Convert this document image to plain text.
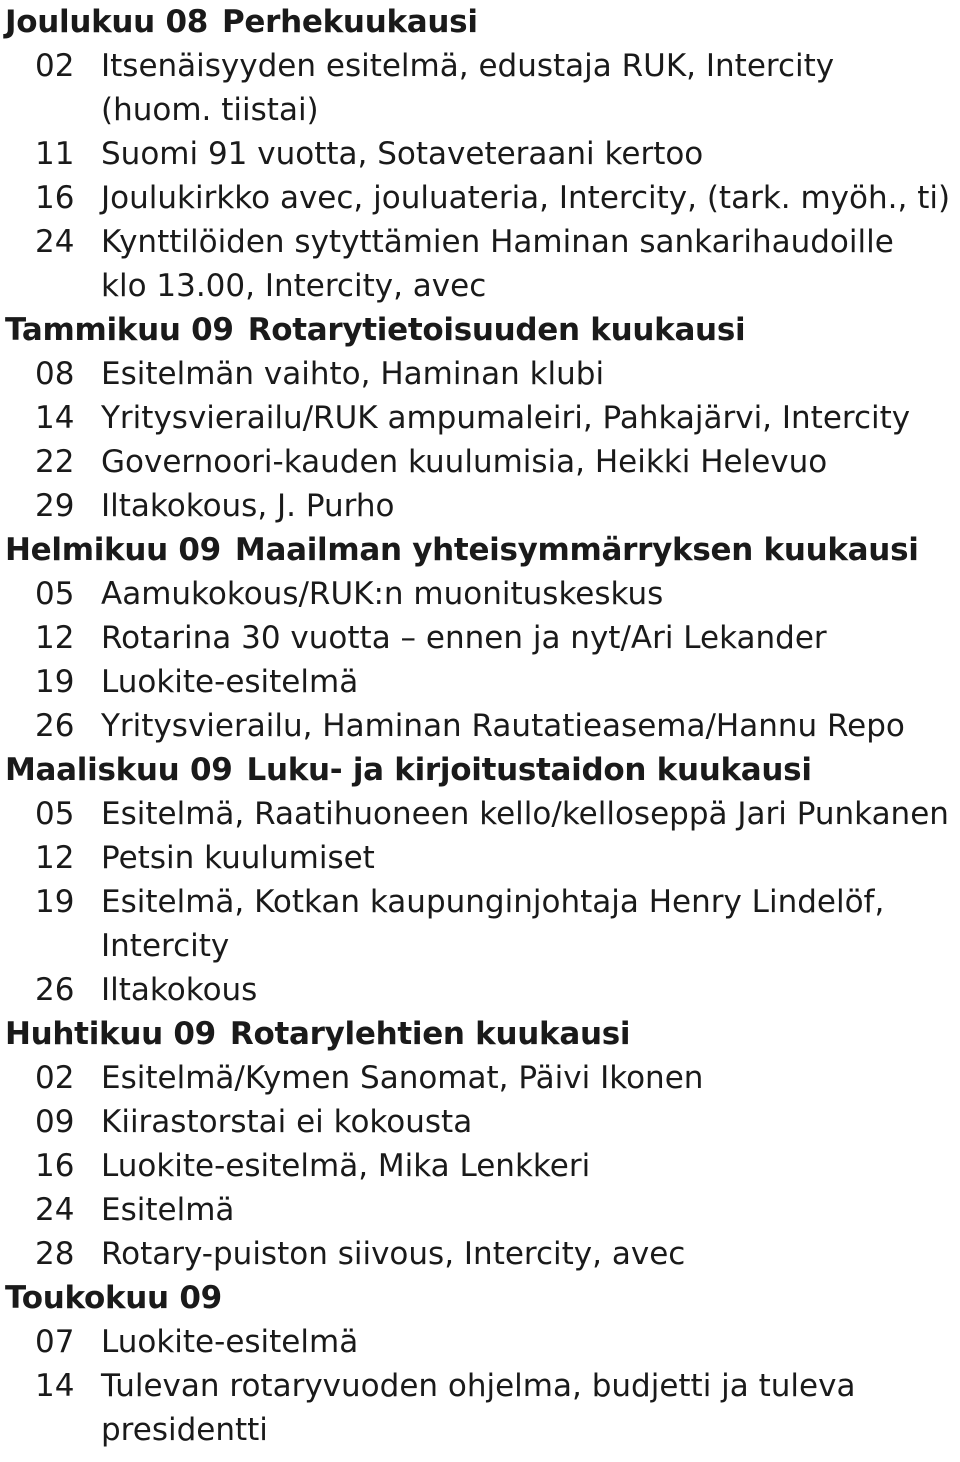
Joulukuu 08 Perhekuukausi
02 Itsenäisyyden esitelmä, edustaja RUK, Intercity
(huom. tiistai)
11 Suomi 91 vuotta, Sotaveteraani kertoo
16 Joulukirkko avec, jouluateria, Intercity, (tark. myöh., ti)
24 Kynttilöiden sytyttämien Haminan sankarihaudoille
klo 13.00, Intercity, avec
Tammikuu 09 Rotarytietoisuuden kuukausi
08 Esitelmän vaihto, Haminan klubi
14 Yritysvierailu/RUK ampumaleiri, Pahkajärvi, Intercity
22 Governoori-kauden kuulumisia, Heikki Helevuo
29 Iltakokous, J. Purho
Helmikuu 09 Maailman yhteisymmärryksen kuukausi
05 Aamukokous/RUK:n muonituskeskus
12 Rotarina 30 vuotta – ennen ja nyt/Ari Lekander
19 Luokite-esitelmä
26 Yritysvierailu, Haminan Rautatieasema/Hannu Repo
Maaliskuu 09 Luku- ja kirjoitustaidon kuukausi
05 Esitelmä, Raatihuoneen kello/kelloseppä Jari Punkanen
12 Petsin kuulumiset
19 Esitelmä, Kotkan kaupunginjohtaja Henry Lindelöf,
Intercity
26 Iltakokous
Huhtikuu 09 Rotarylehtien kuukausi
02 Esitelmä/Kymen Sanomat, Päivi Ikonen
09 Kiirastorstai ei kokousta
16 Luokite-esitelmä, Mika Lenkkeri
24 Esitelmä
28 Rotary-puiston siivous, Intercity, avec
Toukokuu 09
07 Luokite-esitelmä
14 Tulevan rotaryvuoden ohjelma, budjetti ja tuleva
presidentti
